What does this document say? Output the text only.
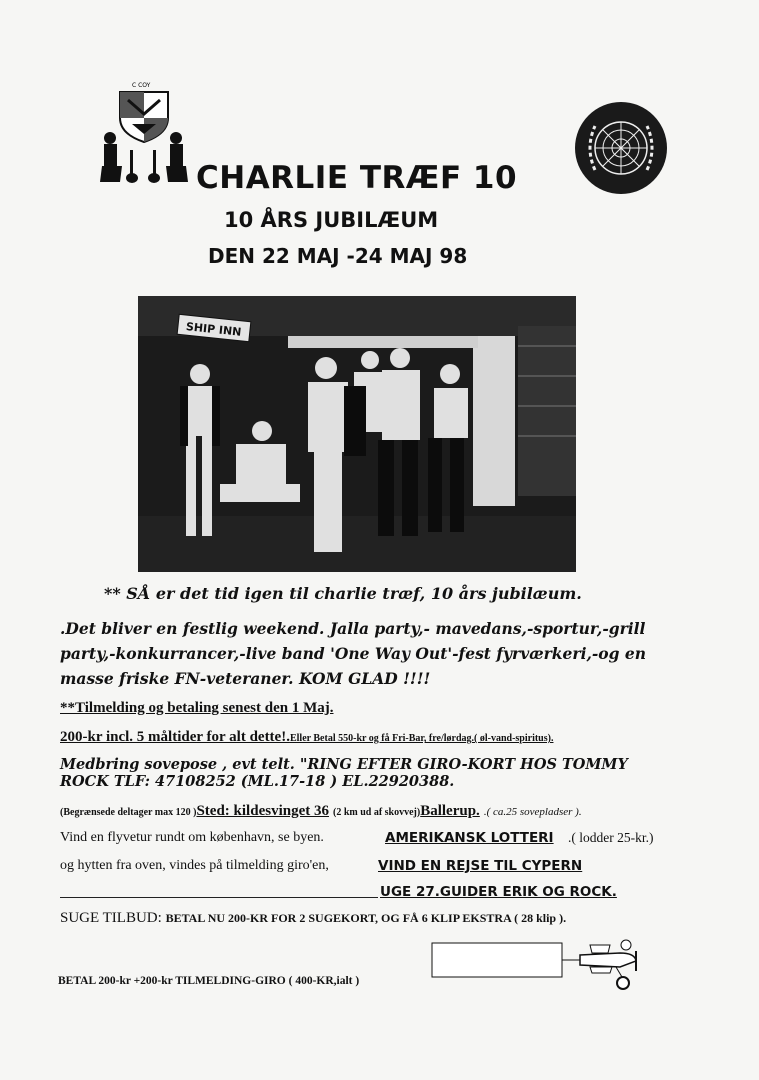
C COY
CHARLIE TRÆF 10
10 ÅRS JUBILÆUM
DEN 22 MAJ -24 MAJ 98
SHIP INN
** SÅ er det tid igen til charlie træf, 10 års jubilæum.
.Det bliver en festlig weekend. Jalla party,- mavedans,-sportur,-grill party,-konkurrancer,-live band 'One Way Out'-fest fyrværkeri,-og en masse friske FN-veteraner. KOM GLAD !!!!
**Tilmelding og betaling senest den 1 Maj.
200-kr incl. 5 måltider for alt dette!.Eller Betal 550-kr og få Fri-Bar, fre/lørdag.( øl-vand-spiritus).
Medbring sovepose , evt telt. "RING EFTER GIRO-KORT HOS TOMMY ROCK TLF: 47108252 (ML.17-18 ) EL.22920388.
(Begrænsede deltager max 120 )Sted: kildesvinget 36 (2 km ud af skovvej)Ballerup. .( ca.25 sovepladser ).
Vind en flyvetur rundt om københavn, se byen.	AMERIKANSK LOTTERI .( lodder 25-kr.)
og hytten fra oven, vindes på tilmelding giro'en,	VIND EN REJSE TIL CYPERN
UGE 27.GUIDER ERIK OG ROCK.
SUGE TILBUD: BETAL NU 200-KR FOR 2 SUGEKORT, OG FÅ 6 KLIP EKSTRA ( 28 klip ).
BETAL 200-kr +200-kr TILMELDING-GIRO ( 400-KR,ialt )
